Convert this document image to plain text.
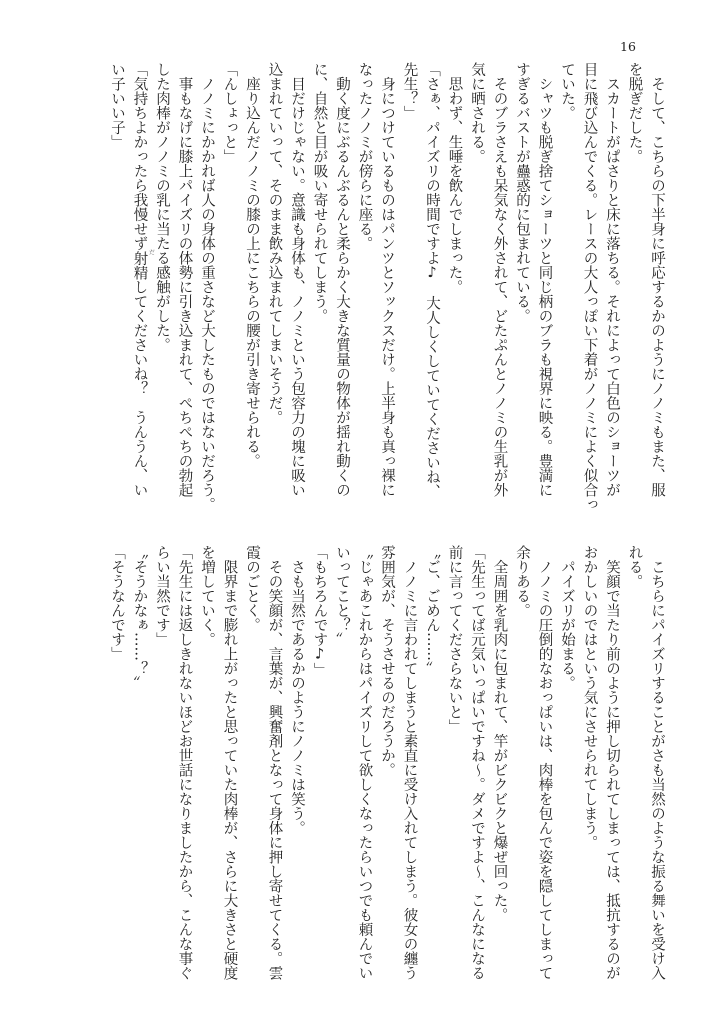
16
　そして、こちらの下半身に呼応するかのようにノノミもまた、服
を脱ぎだした。
　スカートがぱさりと床に落ちる。それによって白色のショーツが
目に飛び込んでくる。レースの大人っぽい下着がノノミによく似合っ
ていた。
　シャツも脱ぎ捨てショーツと同じ柄のブラも視界に映る。豊満に
すぎるバストが蠱惑的に包まれている。
　そのブラさえも呆気なく外されて、どたぷんとノノミの生乳が外
気に晒される。
　思わず、生唾を飲んでしまった。
「さぁ、パイズリの時間ですよ♪　大人しくしていてくださいね、
先生？」
　身につけているものはパンツとソックスだけ。上半身も真っ裸に
なったノノミが傍らに座る。
　動く度にぶるんぶるんと柔らかく大きな質量の物体が揺れ動くの
に、自然と目が吸い寄せられてしまう。
　目だけじゃない。意識も身体も、ノノミという包容力の塊に吸い
込まれていって、そのまま飲み込まれてしまいそうだ。
　座り込んだノノミの膝の上にこちらの腰が引き寄せられる。
「んしょっと」
　ノノミにかかれば人の身体の重さなど大したものではないだろう。
　事もなげに膝上パイズリの体勢に引き込まれて、ぺちぺちの勃起
した肉棒がノノミの乳に当たる感触がした。
「気持ちよかったら我慢せず射精 だ
してくださいね？　うんうん、い
い子いい子」
　こちらにパイズリすることがさも当然のような振る舞いを受け入
れる。
　笑顔で当たり前のように押し切られてしまっては、抵抗するのが
おかしいのではという気にさせられてしまう。
　パイズリが始まる。
　ノノミの圧倒的なおっぱいは、肉棒を包んで姿を隠してしまって
余りある。
　全周囲を乳肉に包まれて、竿がビクビクと爆ぜ回った。
「先生ってば元気いっぱいですね～。ダメですよ～、こんなになる
前に言ってくださらないと」
〝ご、ごめん……〟
　ノノミに言われてしまうと素直に受け入れてしまう。彼女の纏う
雰囲気が、そうさせるのだろうか。
〝じゃあこれからはパイズリして欲しくなったらいつでも頼んでい
いってこと？〟
「もちろんです♪」
　さも当然であるかのようにノノミは笑う。
　その笑顔が、言葉が、興奮剤となって身体に押し寄せてくる。雲
霞のごとく。
　限界まで膨れ上がったと思っていた肉棒が、さらに大きさと硬度
を増していく。
「先生には返しきれないほどお世話になりましたから、こんな事ぐ
らい当然です」
〝そうかなぁ……？〟
「そうなんです」
